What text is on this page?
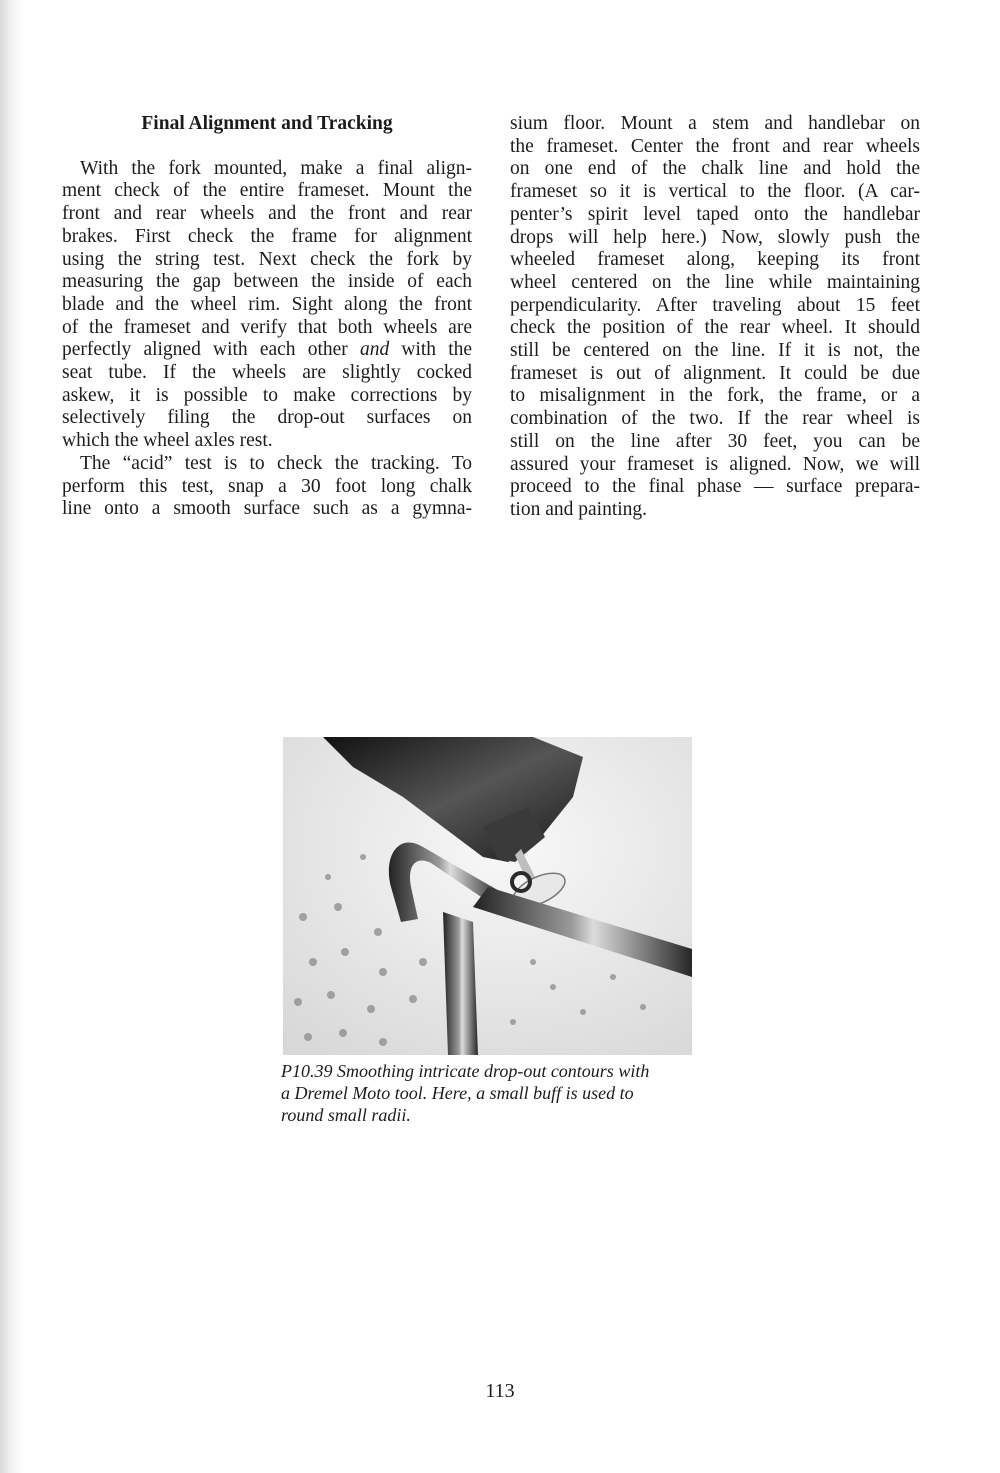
Final Alignment and Tracking
With the fork mounted, make a final align-
ment check of the entire frameset. Mount the
front and rear wheels and the front and rear
brakes. First check the frame for alignment
using the string test. Next check the fork by
measuring the gap between the inside of each
blade and the wheel rim. Sight along the front
of the frameset and verify that both wheels are
perfectly aligned with each other and with the
seat tube. If the wheels are slightly cocked
askew, it is possible to make corrections by
selectively filing the drop-out surfaces on
which the wheel axles rest.
The “acid” test is to check the tracking. To
perform this test, snap a 30 foot long chalk
line onto a smooth surface such as a gymna-
sium floor. Mount a stem and handlebar on
the frameset. Center the front and rear wheels
on one end of the chalk line and hold the
frameset so it is vertical to the floor. (A car-
penter’s spirit level taped onto the handlebar
drops will help here.) Now, slowly push the
wheeled frameset along, keeping its front
wheel centered on the line while maintaining
perpendicularity. After traveling about 15 feet
check the position of the rear wheel. It should
still be centered on the line. If it is not, the
frameset is out of alignment. It could be due
to misalignment in the fork, the frame, or a
combination of the two. If the rear wheel is
still on the line after 30 feet, you can be
assured your frameset is aligned. Now, we will
proceed to the final phase — surface prepara-
tion and painting.
P10.39 Smoothing intricate drop-out contours with
a Dremel Moto tool. Here, a small buff is used to
round small radii.
113
